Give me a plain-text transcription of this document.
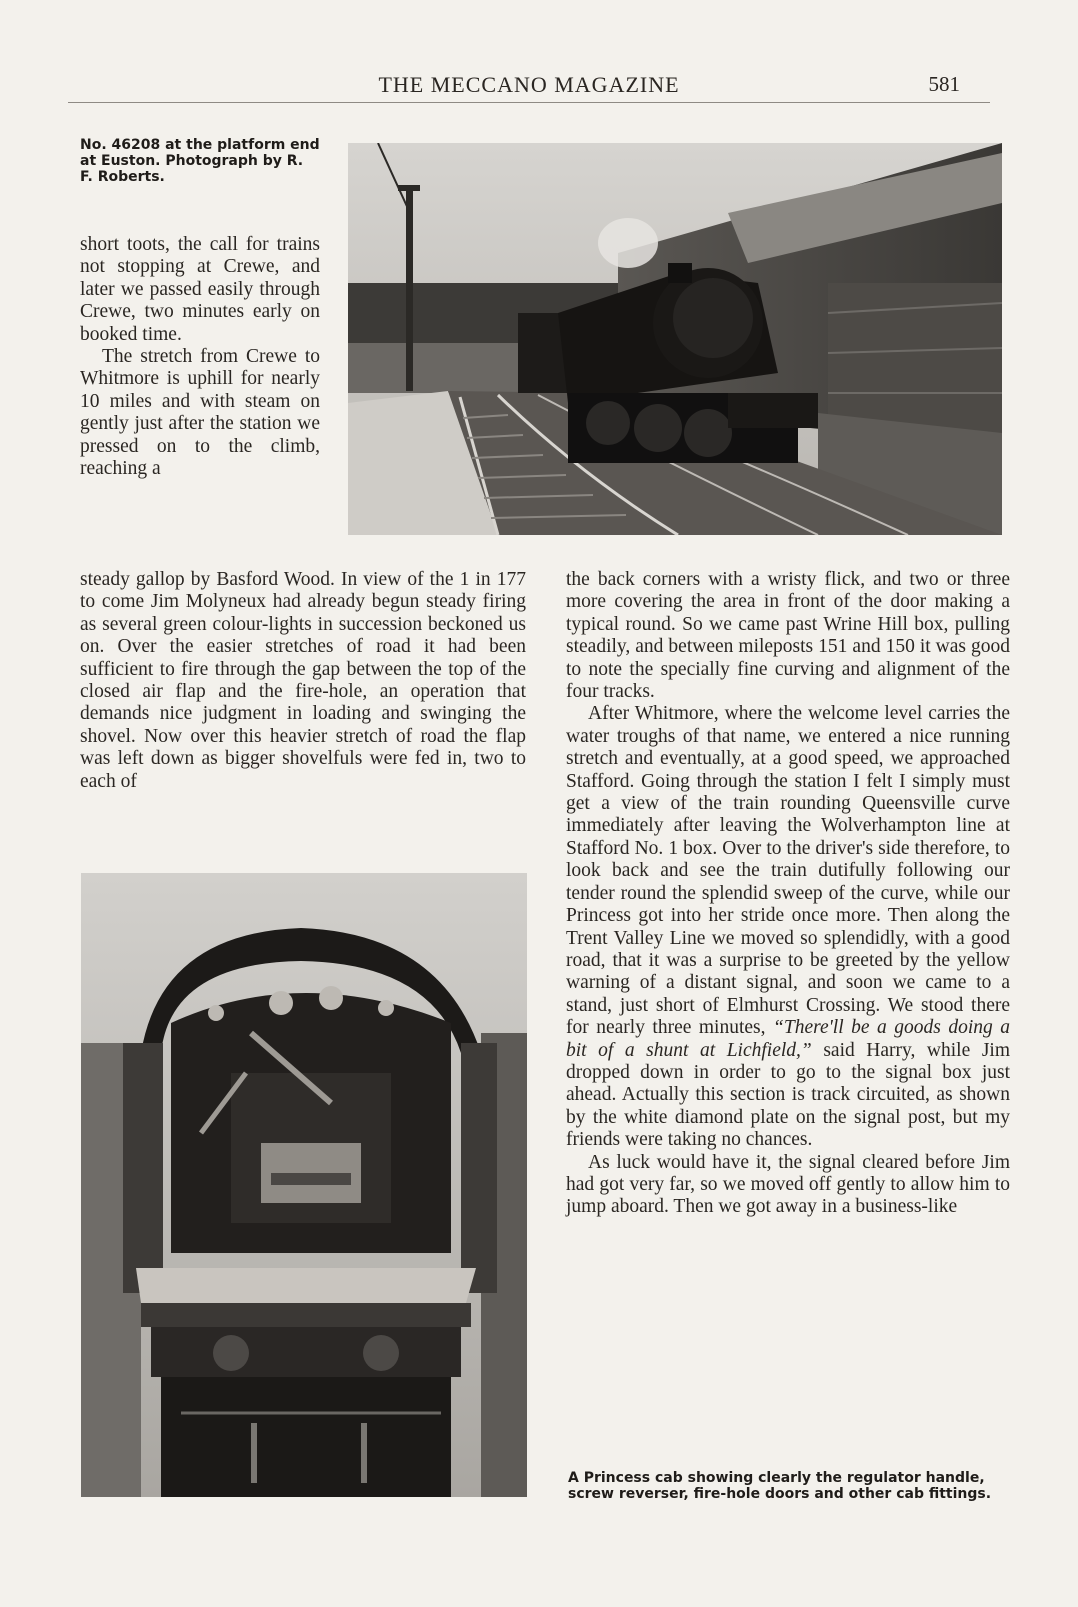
THE MECCANO MAGAZINE	581
No. 46208 at the platform end at Euston. Photograph by R. F. Roberts.

short toots, the call for trains not stopping at Crewe, and later we passed easily through Crewe, two minutes early on booked time.

The stretch from Crewe to Whitmore is uphill for nearly 10 miles and with steam on gently just after the station we pressed on to the climb, reaching a

steady gallop by Basford Wood. In view of the 1 in 177 to come Jim Molyneux had already begun steady firing as several green colour-lights in succession beckoned us on. Over the easier stretches of road it had been sufficient to fire through the gap between the top of the closed air flap and the fire-hole, an operation that demands nice judgment in loading and swinging the shovel. Now over this heavier stretch of road the flap was left down as bigger shovelfuls were fed in, two to each of

the back corners with a wristy flick, and two or three more covering the area in front of the door making a typical round. So we came past Wrine Hill box, pulling steadily, and between mileposts 151 and 150 it was good to note the specially fine curving and alignment of the four tracks.

After Whitmore, where the welcome level carries the water troughs of that name, we entered a nice running stretch and eventually, at a good speed, we approached Stafford. Going through the station I felt I simply must get a view of the train rounding Queensville curve immediately after leaving the Wolverhampton line at Stafford No. 1 box. Over to the driver's side therefore, to look back and see the train dutifully following our tender round the splendid sweep of the curve, while our Princess got into her stride once more. Then along the Trent Valley Line we moved so splendidly, with a good road, that it was a surprise to be greeted by the yellow warning of a distant signal, and soon we came to a stand, just short of Elmhurst Crossing. We stood there for nearly three minutes, “There'll be a goods doing a bit of a shunt at Lichfield,” said Harry, while Jim dropped down in order to go to the signal box just ahead. Actually this section is track circuited, as shown by the white diamond plate on the signal post, but my friends were taking no chances.

As luck would have it, the signal cleared before Jim had got very far, so we moved off gently to allow him to jump aboard. Then we got away in a business-like

A Princess cab showing clearly the regulator handle, screw reverser, fire-hole doors and other cab fittings.
